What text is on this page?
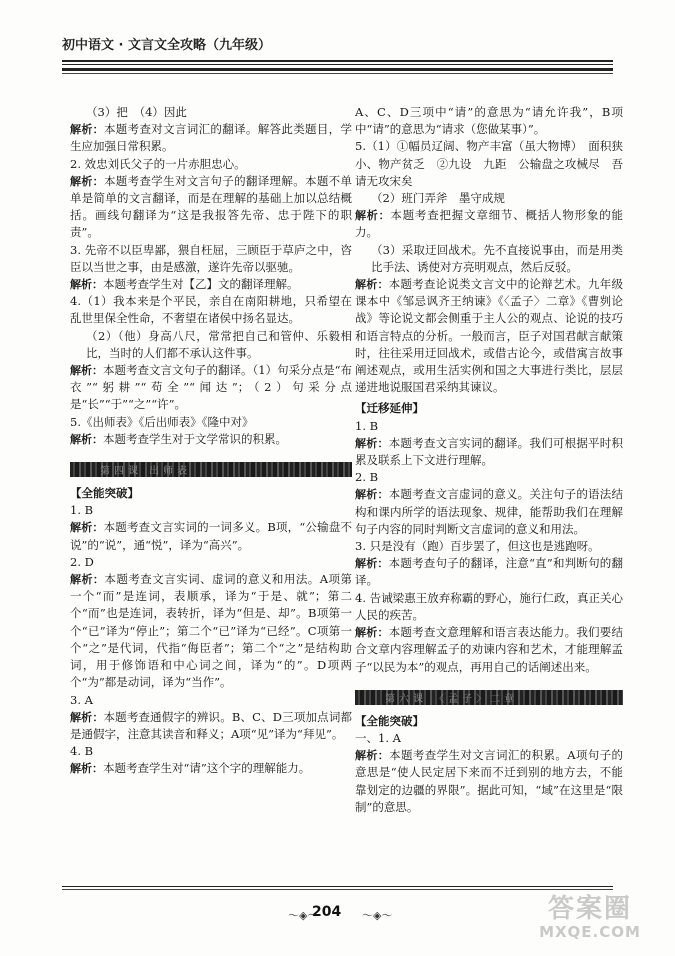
初中语文 · 文言文全攻略（九年级）

（3）把　（4）因此

解析：本题考查对文言词汇的翻译。解答此类题目，学生应加强日常积累。

2. 效忠刘氏父子的一片赤胆忠心。

解析：本题考查学生对文言句子的翻译理解。本题不单单是简单的文言翻译，而是在理解的基础上加以总结概括。画线句翻译为“这是我报答先帝、忠于陛下的职责”。

3. 先帝不以臣卑鄙，猥自枉屈，三顾臣于草庐之中，咨臣以当世之事，由是感激，遂许先帝以驱驰。

解析：本题考查学生对【乙】文的翻译理解。

4.（1）我本来是个平民，亲自在南阳耕地，只希望在乱世里保全性命，不奢望在诸侯中扬名显达。

（2）（他）身高八尺，常常把自己和管仲、乐毅相比，当时的人们都不承认这件事。

解析：本题考查文言文句子的翻译。（1）句采分点是“布衣”“躬耕”“苟全”“闻达”；（2）句采分点是“长”“于”“之”“许”。

5.《出师表》《后出师表》《隆中对》

解析：本题考查学生对于文学常识的积累。

第四课 出师表

【全能突破】

1. B

解析：本题考查文言实词的一词多义。B项，“公输盘不说”的“说”，通“悦”，译为“高兴”。

2. D

解析：本题考查文言实词、虚词的意义和用法。A项第一个“而”是连词，表顺承，译为“于是、就”；第二个“而”也是连词，表转折，译为“但是、却”。B项第一个“已”译为“停止”；第二个“已”译为“已经”。C项第一个“之”是代词，代指“侮臣者”；第二个“之”是结构助词，用于修饰语和中心词之间，译为“的”。D项两个“为”都是动词，译为“当作”。

3. A

解析：本题考查通假字的辨识。B、C、D三项加点词都是通假字，注意其读音和释义；A项“见”译为“拜见”。

4. B

解析：本题考查学生对“请”这个字的理解能力。

A、C、D三项中“请”的意思为“请允许我”，B项中“请”的意思为“请求（您做某事）”。

5.（1）①幅员辽阔、物产丰富（虽大物博）　面积狭小、物产贫乏　②九设　九距　公输盘之攻械尽　吾请无攻宋矣

（2）班门弄斧　墨守成规

解析：本题考查把握文章细节、概括人物形象的能力。

（3）采取迂回战术。先不直接说事由，而是用类比手法、诱使对方亮明观点，然后反驳。

解析：本题考查论说类文言文中的论辩艺术。九年级课本中《邹忌讽齐王纳谏》《〈孟子〉二章》《曹刿论战》等论说文都会侧重于主人公的观点、论说的技巧和语言特点的分析。一般而言，臣子对国君献言献策时，往往采用迂回战术，或借古论今，或借寓言故事阐述观点，或用生活实例和国之大事进行类比，层层递进地说服国君采纳其谏议。

【迁移延伸】

1. B

解析：本题考查文言实词的翻译。我们可根据平时积累及联系上下文进行理解。

2. B

解析：本题考查文言虚词的意义。关注句子的语法结构和课内所学的语法现象、规律，能帮助我们在理解句子内容的同时判断文言虚词的意义和用法。

3. 只是没有（跑）百步罢了，但这也是逃跑呀。

解析：本题考查句子的翻译，注意“直”和判断句的翻译。

4. 告诫梁惠王放弃称霸的野心，施行仁政，真正关心人民的疾苦。

解析：本题考查文意理解和语言表达能力。我们要结合文章内容理解孟子的劝谏内容和艺术，才能理解孟子“以民为本”的观点，再用自己的话阐述出来。

第六课 〈孟子〉二章

【全能突破】

一、1. A

解析：本题考查学生对文言词汇的积累。A项句子的意思是“使人民定居下来而不迁到别的地方去，不能靠划定的边疆的界限”。据此可知，“域”在这里是“限制”的意思。

～◈～
204 ～◈～	答案圈
MXQE.COM
